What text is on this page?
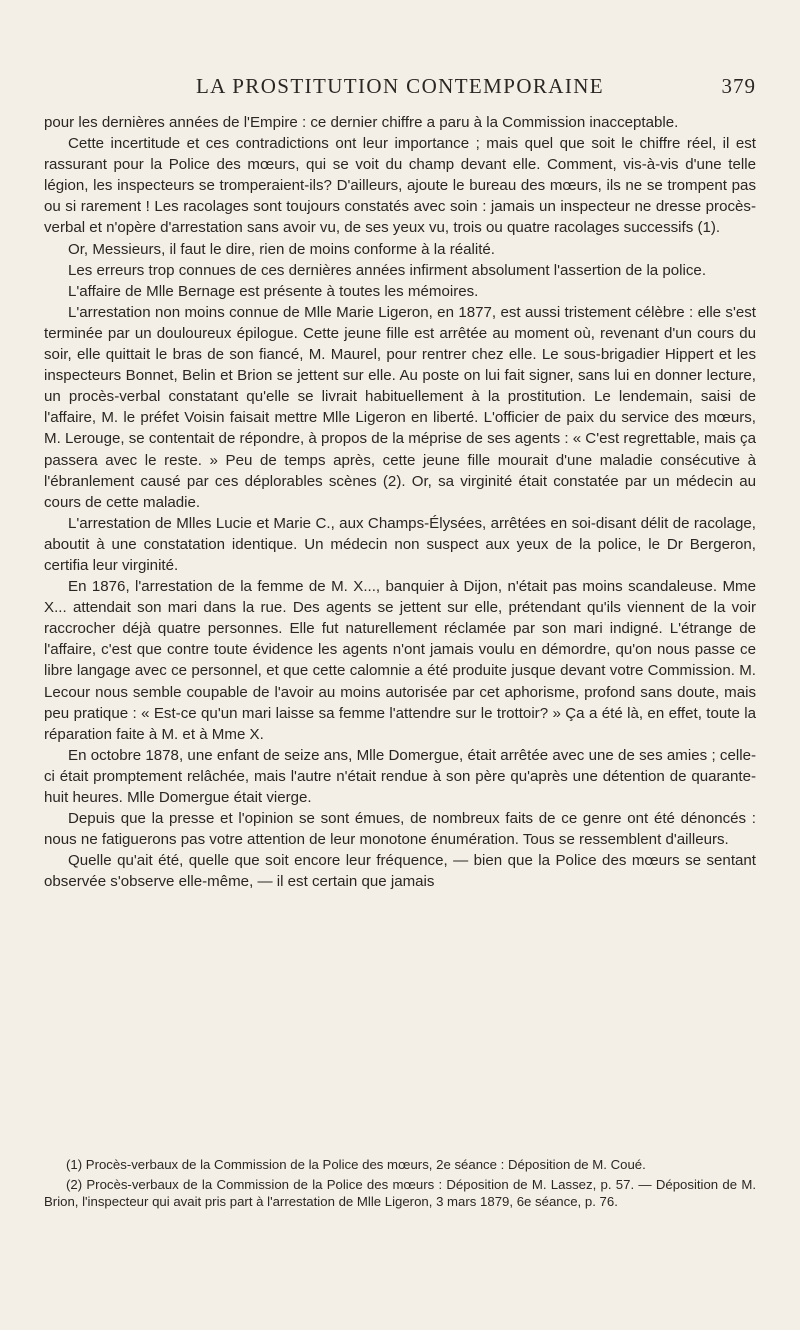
LA PROSTITUTION CONTEMPORAINE	379

pour les dernières années de l'Empire : ce dernier chiffre a paru à la Commission inacceptable.

Cette incertitude et ces contradictions ont leur importance ; mais quel que soit le chiffre réel, il est rassurant pour la Police des mœurs, qui se voit du champ devant elle. Comment, vis-à-vis d'une telle légion, les inspecteurs se tromperaient-ils? D'ailleurs, ajoute le bureau des mœurs, ils ne se trompent pas ou si rarement ! Les racolages sont toujours constatés avec soin : jamais un inspecteur ne dresse procès-verbal et n'opère d'arrestation sans avoir vu, de ses yeux vu, trois ou quatre racolages successifs (1).

Or, Messieurs, il faut le dire, rien de moins conforme à la réalité.

Les erreurs trop connues de ces dernières années infirment absolument l'assertion de la police.

L'affaire de Mlle Bernage est présente à toutes les mémoires.

L'arrestation non moins connue de Mlle Marie Ligeron, en 1877, est aussi tristement célèbre : elle s'est terminée par un douloureux épilogue. Cette jeune fille est arrêtée au moment où, revenant d'un cours du soir, elle quittait le bras de son fiancé, M. Maurel, pour rentrer chez elle. Le sous-brigadier Hippert et les inspecteurs Bonnet, Belin et Brion se jettent sur elle. Au poste on lui fait signer, sans lui en donner lecture, un procès-verbal constatant qu'elle se livrait habituellement à la prostitution. Le lendemain, saisi de l'affaire, M. le préfet Voisin faisait mettre Mlle Ligeron en liberté. L'officier de paix du service des mœurs, M. Lerouge, se contentait de répondre, à propos de la méprise de ses agents : « C'est regrettable, mais ça passera avec le reste. » Peu de temps après, cette jeune fille mourait d'une maladie consécutive à l'ébranlement causé par ces déplorables scènes (2). Or, sa virginité était constatée par un médecin au cours de cette maladie.

L'arrestation de Mlles Lucie et Marie C., aux Champs-Élysées, arrêtées en soi-disant délit de racolage, aboutit à une constatation identique. Un médecin non suspect aux yeux de la police, le Dr Bergeron, certifia leur virginité.

En 1876, l'arrestation de la femme de M. X..., banquier à Dijon, n'était pas moins scandaleuse. Mme X... attendait son mari dans la rue. Des agents se jettent sur elle, prétendant qu'ils viennent de la voir raccrocher déjà quatre personnes. Elle fut naturellement réclamée par son mari indigné. L'étrange de l'affaire, c'est que contre toute évidence les agents n'ont jamais voulu en démordre, qu'on nous passe ce libre langage avec ce personnel, et que cette calomnie a été produite jusque devant votre Commission. M. Lecour nous semble coupable de l'avoir au moins autorisée par cet aphorisme, profond sans doute, mais peu pratique : « Est-ce qu'un mari laisse sa femme l'attendre sur le trottoir? » Ça a été là, en effet, toute la réparation faite à M. et à Mme X.

En octobre 1878, une enfant de seize ans, Mlle Domergue, était arrêtée avec une de ses amies ; celle-ci était promptement relâchée, mais l'autre n'était rendue à son père qu'après une détention de quarante-huit heures. Mlle Domergue était vierge.

Depuis que la presse et l'opinion se sont émues, de nombreux faits de ce genre ont été dénoncés : nous ne fatiguerons pas votre attention de leur monotone énumération. Tous se ressemblent d'ailleurs.

Quelle qu'ait été, quelle que soit encore leur fréquence, — bien que la Police des mœurs se sentant observée s'observe elle-même, — il est certain que jamais

(1) Procès-verbaux de la Commission de la Police des mœurs, 2e séance : Déposition de M. Coué.

(2) Procès-verbaux de la Commission de la Police des mœurs : Déposition de M. Lassez, p. 57. — Déposition de M. Brion, l'inspecteur qui avait pris part à l'arrestation de Mlle Ligeron, 3 mars 1879, 6e séance, p. 76.
